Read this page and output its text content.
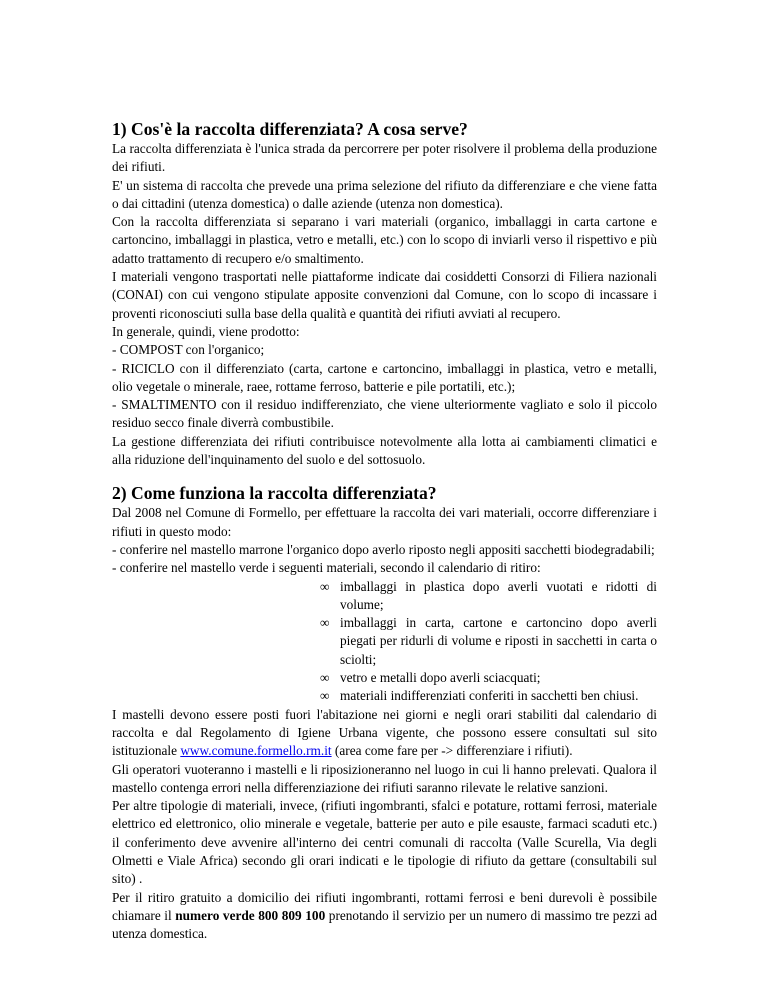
1) Cos'è la raccolta differenziata? A cosa serve?

La raccolta differenziata è l'unica strada da percorrere per poter risolvere il problema della produzione dei rifiuti.

E' un sistema di raccolta che prevede una prima selezione del rifiuto da differenziare e che viene fatta o dai cittadini (utenza domestica) o dalle aziende (utenza non domestica).

Con la raccolta differenziata si separano i vari materiali (organico, imballaggi in carta cartone e cartoncino, imballaggi in plastica, vetro e metalli, etc.) con lo scopo di inviarli verso il rispettivo e più adatto trattamento di recupero e/o smaltimento.

I materiali vengono trasportati nelle piattaforme indicate dai cosiddetti Consorzi di Filiera nazionali (CONAI) con cui vengono stipulate apposite convenzioni dal Comune, con lo scopo di incassare i proventi riconosciuti sulla base della qualità e quantità dei rifiuti avviati al recupero.

In generale, quindi, viene prodotto:

- COMPOST con l'organico;

- RICICLO con il differenziato (carta, cartone e cartoncino, imballaggi in plastica, vetro e metalli, olio vegetale o minerale, raee, rottame ferroso, batterie e pile portatili, etc.);

- SMALTIMENTO con il residuo indifferenziato, che viene ulteriormente vagliato e solo il piccolo residuo secco finale diverrà combustibile.

La gestione differenziata dei rifiuti contribuisce notevolmente alla lotta ai cambiamenti climatici e alla riduzione dell'inquinamento del suolo e del sottosuolo.

2) Come funziona la raccolta differenziata?

Dal 2008 nel Comune di Formello, per effettuare la raccolta dei vari materiali, occorre differenziare i rifiuti in questo modo:

- conferire nel mastello marrone l'organico dopo averlo riposto negli appositi sacchetti biodegradabili;

- conferire nel mastello verde i seguenti materiali, secondo il calendario di ritiro:

∞ imballaggi in plastica dopo averli vuotati e ridotti di volume;
∞ imballaggi in carta, cartone e cartoncino dopo averli piegati per ridurli di volume e riposti in sacchetti in carta o sciolti;
∞ vetro e metalli dopo averli sciacquati;
∞ materiali indifferenziati conferiti in sacchetti ben chiusi.

I mastelli devono essere posti fuori l'abitazione nei giorni e negli orari stabiliti dal calendario di raccolta e dal Regolamento di Igiene Urbana vigente, che possono essere consultati sul sito istituzionale www.comune.formello.rm.it (area come fare per -> differenziare i rifiuti).

Gli operatori vuoteranno i mastelli e li riposizioneranno nel luogo in cui li hanno prelevati. Qualora il mastello contenga errori nella differenziazione dei rifiuti saranno rilevate le relative sanzioni.

Per altre tipologie di materiali, invece, (rifiuti ingombranti, sfalci e potature, rottami ferrosi, materiale elettrico ed elettronico, olio minerale e vegetale, batterie per auto e pile esauste, farmaci scaduti etc.) il conferimento deve avvenire all'interno dei centri comunali di raccolta (Valle Scurella, Via degli Olmetti e Viale Africa) secondo gli orari indicati e le tipologie di rifiuto da gettare (consultabili sul sito) .

Per il ritiro gratuito a domicilio dei rifiuti ingombranti, rottami ferrosi e beni durevoli è possibile chiamare il numero verde 800 809 100 prenotando il servizio per un numero di massimo tre pezzi ad utenza domestica.
